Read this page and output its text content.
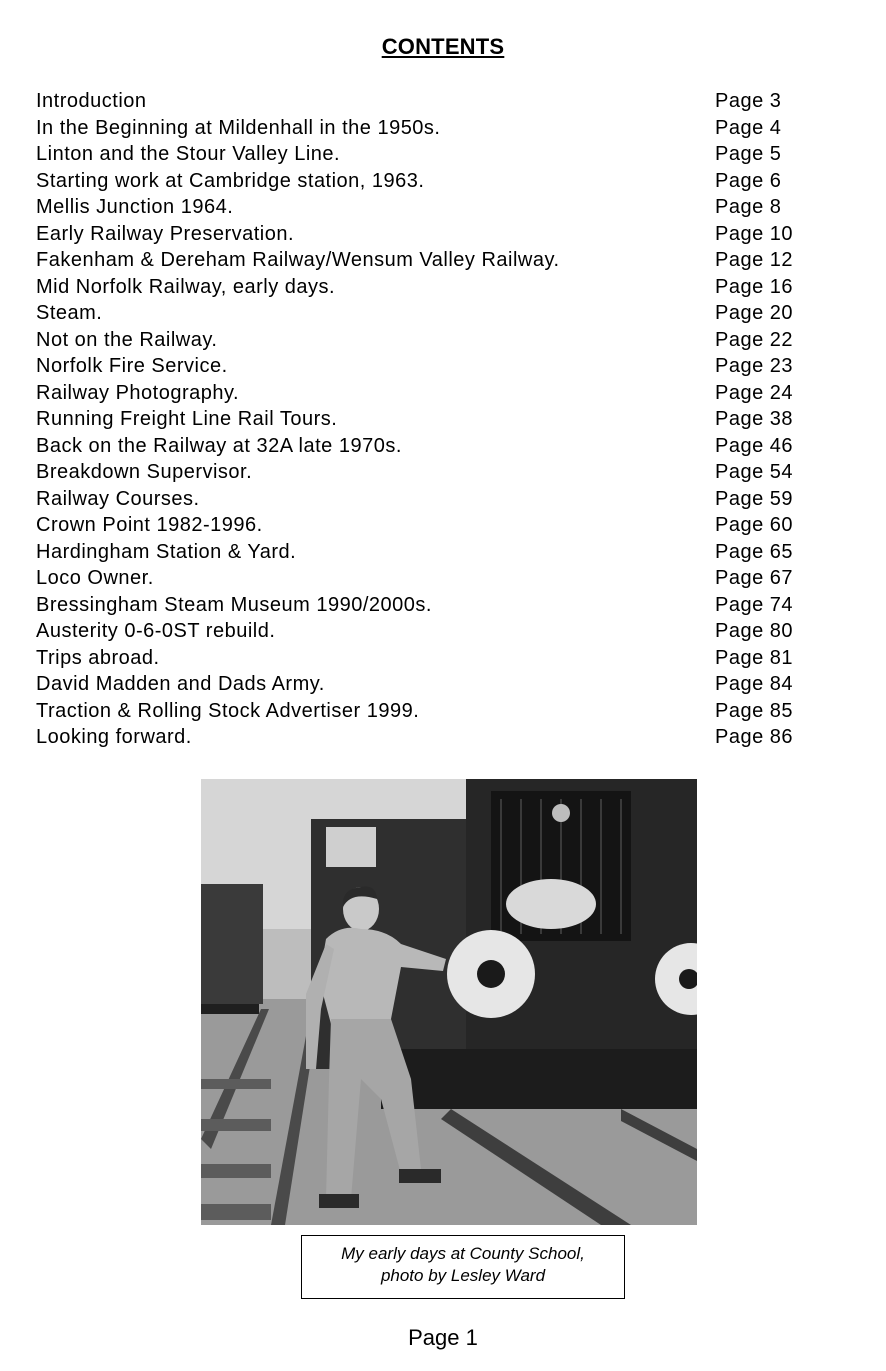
CONTENTS
Introduction	Page 3
In the Beginning at Mildenhall in the 1950s.	Page 4
Linton and the Stour Valley Line.	Page 5
Starting work at Cambridge station, 1963.	Page 6
Mellis Junction 1964.	Page 8
Early Railway Preservation.	Page 10
Fakenham & Dereham Railway/Wensum Valley Railway.	Page 12
Mid Norfolk Railway, early days.	Page 16
Steam.	Page 20
Not on the Railway.	Page 22
Norfolk Fire Service.	Page 23
Railway Photography.	Page 24
Running Freight Line Rail Tours.	Page 38
Back on the Railway at 32A late 1970s.	Page 46
Breakdown Supervisor.	Page 54
Railway Courses.	Page 59
Crown Point 1982-1996.	Page 60
Hardingham Station & Yard.	Page 65
Loco Owner.	Page 67
Bressingham Steam Museum 1990/2000s.	Page 74
Austerity 0-6-0ST rebuild.	Page 80
Trips abroad.	Page 81
David Madden and Dads Army.	Page 84
Traction & Rolling Stock Advertiser 1999.	Page 85
Looking forward.	Page 86
My early days at County School,
photo by Lesley Ward
Page 1
